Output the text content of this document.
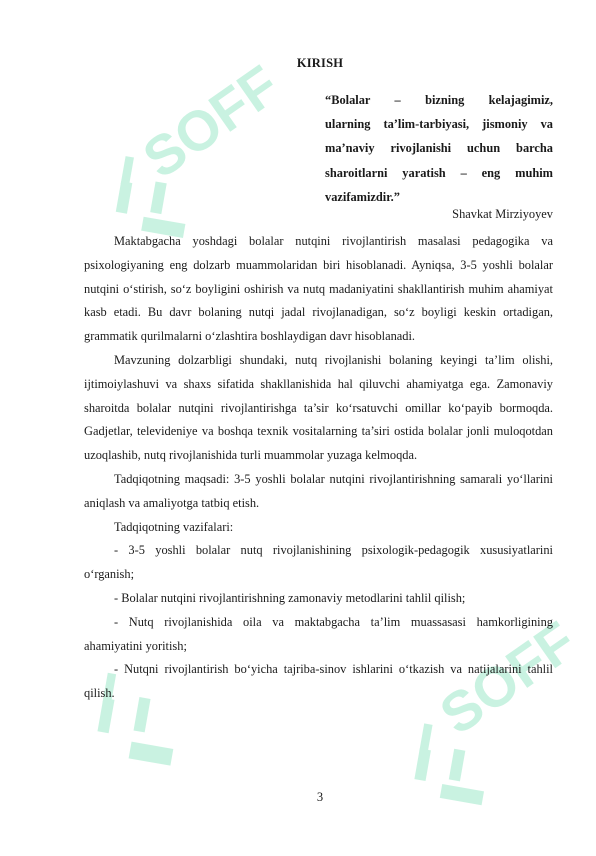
SOFF
SOFF
KIRISH
“Bolalar – bizning kelajagimiz,
ularning ta’lim-tarbiyasi, jismoniy va
ma’naviy rivojlanishi uchun barcha
sharoitlarni yaratish – eng muhim
vazifamizdir.”
Shavkat Mirziyoyev

Maktabgacha yoshdagi bolalar nutqini rivojlantirish masalasi pedagogika va psixologiyaning eng dolzarb muammolaridan biri hisoblanadi. Ayniqsa, 3-5 yoshli bolalar nutqini o‘stirish, so‘z boyligini oshirish va nutq madaniyatini shakllantirish muhim ahamiyat kasb etadi. Bu davr bolaning nutqi jadal rivojlanadigan, so‘z boyligi keskin ortadigan, grammatik qurilmalarni o‘zlashtira boshlaydigan davr hisoblanadi.

Mavzuning dolzarbligi shundaki, nutq rivojlanishi bolaning keyingi ta’lim olishi, ijtimoiylashuvi va shaxs sifatida shakllanishida hal qiluvchi ahamiyatga ega. Zamonaviy sharoitda bolalar nutqini rivojlantirishga ta’sir ko‘rsatuvchi omillar ko‘payib bormoqda. Gadjetlar, televideniye va boshqa texnik vositalarning ta’siri ostida bolalar jonli muloqotdan uzoqlashib, nutq rivojlanishida turli muammolar yuzaga kelmoqda.

Tadqiqotning maqsadi: 3-5 yoshli bolalar nutqini rivojlantirishning samarali yo‘llarini aniqlash va amaliyotga tatbiq etish.

Tadqiqotning vazifalari:

- 3-5 yoshli bolalar nutq rivojlanishining psixologik-pedagogik xususiyatlarini o‘rganish;

- Bolalar nutqini rivojlantirishning zamonaviy metodlarini tahlil qilish;

- Nutq rivojlanishida oila va maktabgacha ta’lim muassasasi hamkorligining ahamiyatini yoritish;

- Nutqni rivojlantirish bo‘yicha tajriba-sinov ishlarini o‘tkazish va natijalarini tahlil qilish.

3
